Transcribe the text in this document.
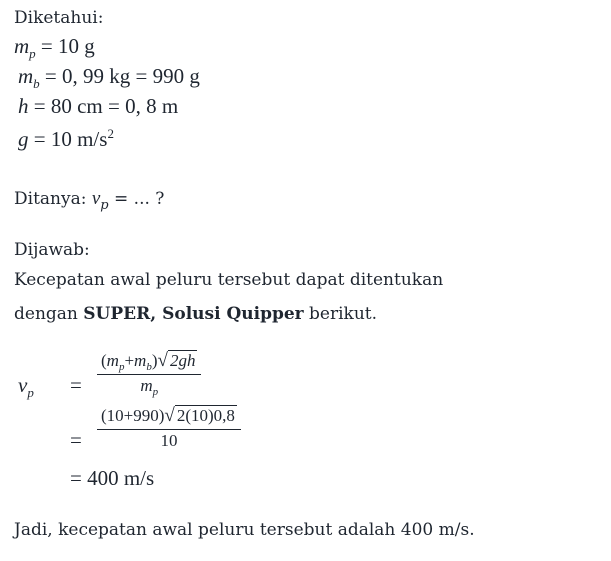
Diketahui:
$m_p = 10$ g
$m_b = 0$, 99 kg = 990 g
h = 80 cm = 0, 8 m
g = 10 $m/s^2$
Ditanya: $v_p$ = ... ?
Dijawab:
Kecepatan awal peluru tersebut dapat ditentukan
dengan SUPER, Solusi Quipper berikut.
$v_p = \frac{(m_p+m_b)√ 2gh}{m_p}$
= $\frac{(10+990)√ 2(10)0,8}{10}$
= 400 m/s
Jadi, kecepatan awal peluru tersebut adalah 400 m/s.
